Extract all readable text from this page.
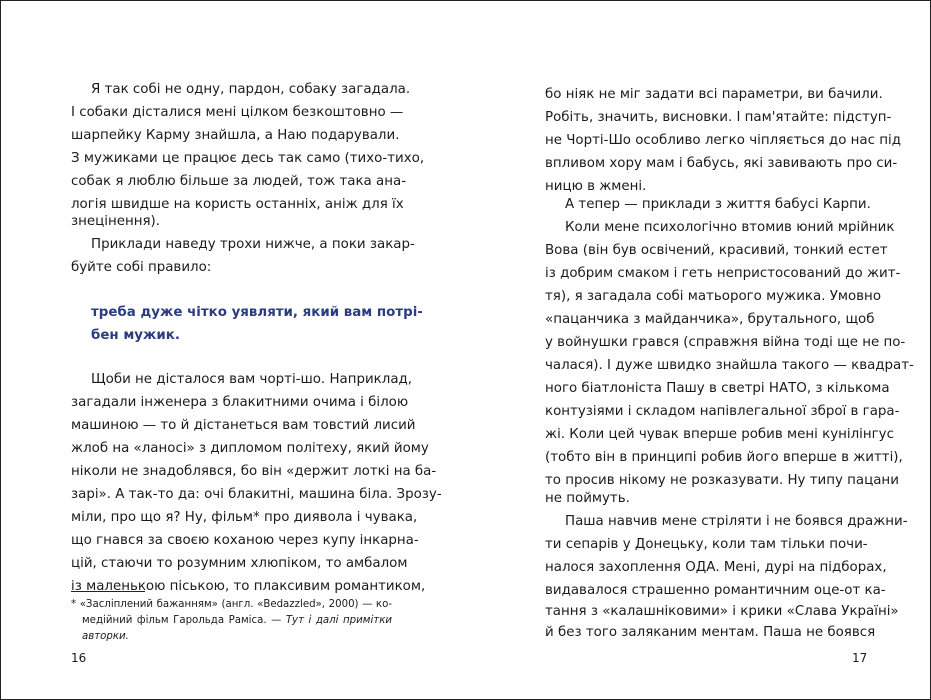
Я так собі не одну, пардон, собаку загадала.

І собаки дісталися мені цілком безкоштовно —

шарпейку Карму знайшла, а Наю подарували.

З мужиками це працює десь так само (тихо-тихо,

собак я люблю більше за людей, тож така ана-

логія швидше на користь останніх, аніж для їх

знецінення).

Приклади наведу трохи нижче, а поки закар-

буйте собі правило:

треба дуже чітко уявляти, який вам потрі-

бен мужик.

Щоби не дісталося вам чорті-шо. Наприклад,

загадали інженера з блакитними очима і білою

машиною — то й дістанеться вам товстий лисий

жлоб на «ланосі» з дипломом політеху, який йому

ніколи не знадоблявся, бо він «держит лоткі на ба-

зарі». А так-то да: очі блакитні, машина біла. Зрозу-

міли, про що я? Ну, фільм* про диявола і чувака,

що гнався за своєю коханою через купу інкарна-

цій, стаючи то розумним хлюпіком, то амбалом

із маленькою піською, то плаксивим романтиком,

* «Засліплений бажанням» (англ. «Bedazzled», 2000) — ко-

медійний фільм Гарольда Раміса. — Тут і далі примітки

авторки.

16

бо ніяк не міг задати всі параметри, ви бачили.

Робіть, значить, висновки. І пам'ятайте: підступ-

не Чорті-Шо особливо легко чіпляється до нас під

впливом хору мам і бабусь, які завивають про си-

ницю в жмені.

А тепер — приклади з життя бабусі Карпи.

Коли мене психологічно втомив юний мрійник

Вова (він був освічений, красивий, тонкий естет

із добрим смаком і геть непристосований до жит-

тя), я загадала собі матьорого мужика. Умовно

«пацанчика з майданчика», брутального, щоб

у войнушки грався (справжня війна тоді ще не по-

чалася). І дуже швидко знайшла такого — квадрат-

ного біатлоніста Пашу в светрі НАТО, з кількома

контузіями і складом напівлегальної зброї в гара-

жі. Коли цей чувак вперше робив мені кунілінгус

(тобто він в принципі робив його вперше в житті),

то просив нікому не розказувати. Ну типу пацани

не поймуть.

Паша навчив мене стріляти і не боявся дражни-

ти сепарів у Донецьку, коли там тільки почи-

налося захоплення ОДА. Мені, дурі на підборах,

видавалося страшенно романтичним оце-от ка-

тання з «калашніковими» і крики «Слава Україні»

й без того заляканим ментам. Паша не боявся

17
